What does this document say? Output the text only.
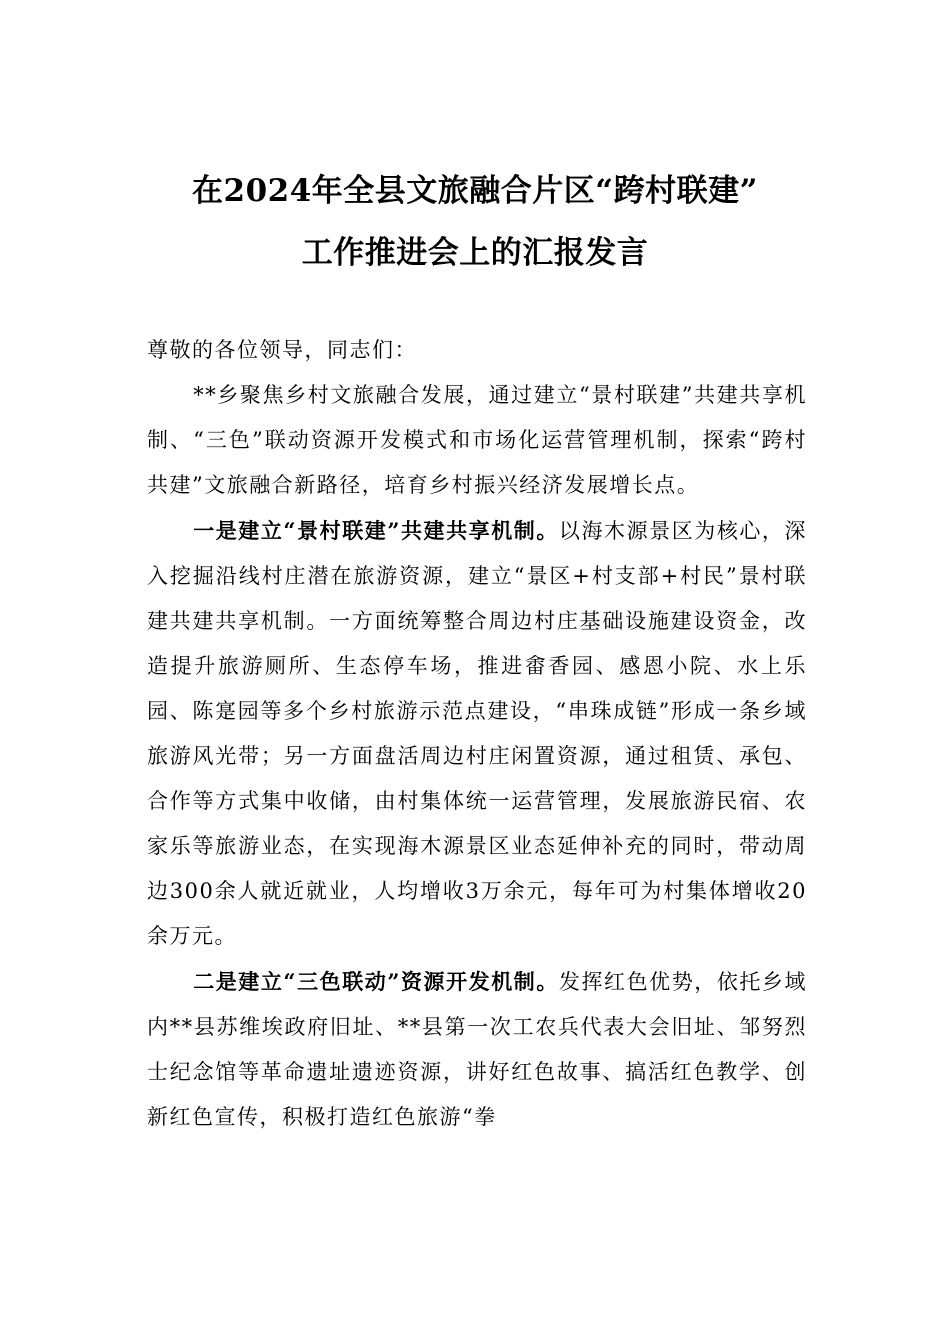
在2024年全县文旅融合片区“跨村联建”
工作推进会上的汇报发言

尊敬的各位领导，同志们：

**乡聚焦乡村文旅融合发展，通过建立“景村联建”共建共享机制、“三色”联动资源开发模式和市场化运营管理机制，探索“跨村共建”文旅融合新路径，培育乡村振兴经济发展增长点。

一是建立“景村联建”共建共享机制。以海木源景区为核心，深入挖掘沿线村庄潜在旅游资源，建立“景区+村支部+村民”景村联建共建共享机制。一方面统筹整合周边村庄基础设施建设资金，改造提升旅游厕所、生态停车场，推进畬香园、感恩小院、水上乐园、陈寔园等多个乡村旅游示范点建设，“串珠成链”形成一条乡域旅游风光带；另一方面盘活周边村庄闲置资源，通过租赁、承包、合作等方式集中收储，由村集体统一运营管理，发展旅游民宿、农家乐等旅游业态，在实现海木源景区业态延伸补充的同时，带动周边300余人就近就业，人均增收3万余元，每年可为村集体增收20余万元。

二是建立“三色联动”资源开发机制。发挥红色优势，依托乡域内**县苏维埃政府旧址、**县第一次工农兵代表大会旧址、邹努烈士纪念馆等革命遗址遗迹资源，讲好红色故事、搞活红色教学、创新红色宣传，积极打造红色旅游“拳
